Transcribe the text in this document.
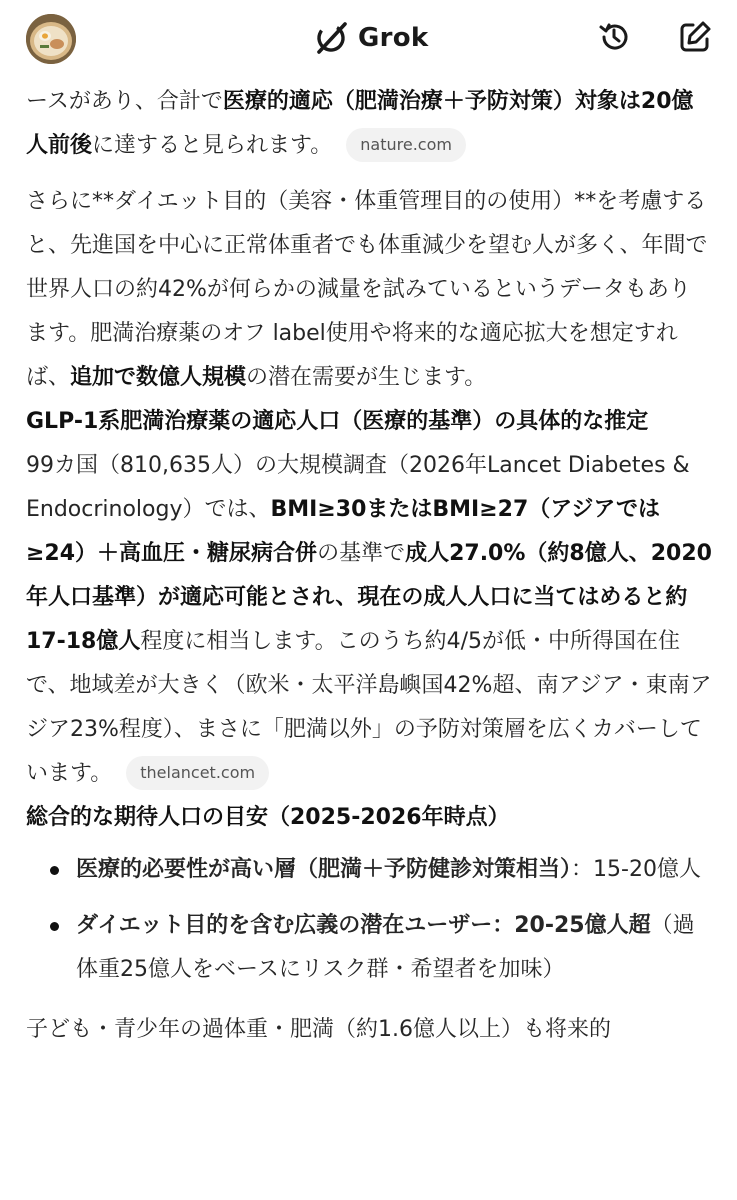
Grok

ースがあり、合計で医療的適応（肥満治療＋予防対策）対象は20億人前後に達すると見られます。 nature.com

さらに**ダイエット目的（美容・体重管理目的の使用）**を考慮すると、先進国を中心に正常体重者でも体重減少を望む人が多く、年間で世界人口の約42%が何らかの減量を試みているというデータもあります。肥満治療薬のオフ label使用や将来的な適応拡大を想定すれば、追加で数億人規模の潜在需要が生じます。

GLP-1系肥満治療薬の適応人口（医療的基準）の具体的な推定

99カ国（810,635人）の大規模調査（2026年Lancet Diabetes & Endocrinology）では、BMI≥30またはBMI≥27（アジアでは≥24）＋高血圧・糖尿病合併の基準で成人27.0%（約8億人、2020年人口基準）が適応可能とされ、現在の成人人口に当てはめると約17-18億人程度に相当します。このうち約4/5が低・中所得国在住で、地域差が大きく（欧米・太平洋島嶼国42%超、南アジア・東南アジア23%程度）、まさに「肥満以外」の予防対策層を広くカバーしています。 thelancet.com

総合的な期待人口の目安（2025-2026年時点）

医療的必要性が高い層（肥満＋予防健診対策相当）：15-20億人
ダイエット目的を含む広義の潜在ユーザー：20-25億人超（過体重25億人をベースにリスク群・希望者を加味）

子ども・青少年の過体重・肥満（約1.6億人以上）も将来的
